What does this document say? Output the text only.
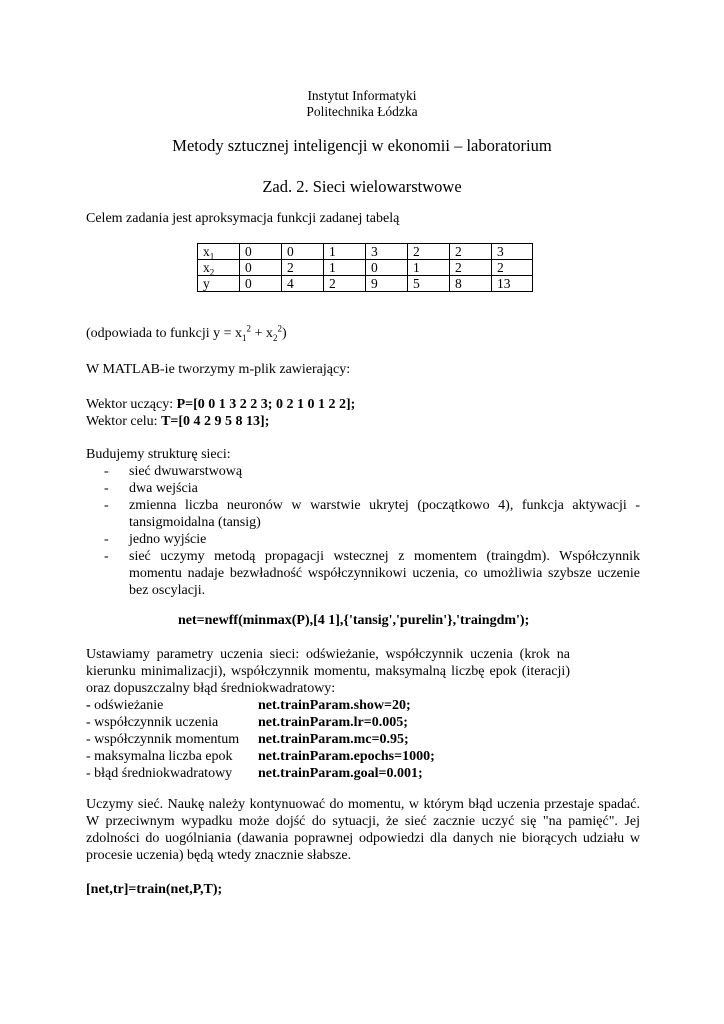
Instytut Informatyki

Politechnika Łódzka

Metody sztucznej inteligencji w ekonomii – laboratorium

Zad. 2. Sieci wielowarstwowe

Celem zadania jest aproksymacja funkcji zadanej tabelą

$x_1$	0	0	1	3	2	2	3
$x_2$	0	2	1	0	1	2	2
y	0	4	2	9	5	8	13

(odpowiada to funkcji $y = x_1^2 + x_2^2$)

W MATLAB-ie tworzymy m-plik zawierający:

Wektor uczący: P=[0 0 1 3 2 2 3; 0 2 1 0 1 2 2];

Wektor celu: T=[0 4 2 9 5 8 13];

Budujemy strukturę sieci:

- sieć dwuwarstwową
- dwa wejścia
- zmienna liczba neuronów w warstwie ukrytej (początkowo 4), funkcja aktywacji - tansigmoidalna (tansig)
- jedno wyjście
- sieć uczymy metodą propagacji wstecznej z momentem (traingdm). Współczynnik momentu nadaje bezwładność współczynnikowi uczenia, co umożliwia szybsze uczenie bez oscylacji.

net=newff(minmax(P),[4 1],{'tansig','purelin'},'traingdm');

Ustawiamy parametry uczenia sieci: odświeżanie, współczynnik uczenia (krok na kierunku minimalizacji), współczynnik momentu, maksymalną liczbę epok (iteracji) oraz dopuszczalny błąd średniokwadratowy:

- odświeżanie	net.trainParam.show=20;
- współczynnik uczenia	net.trainParam.lr=0.005;
- współczynnik momentum net.trainParam.mc=0.95;
- maksymalna liczba epok net.trainParam.epochs=1000;
- błąd średniokwadratowy net.trainParam.goal=0.001;

Uczymy sieć. Naukę należy kontynuować do momentu, w którym błąd uczenia przestaje spadać. W przeciwnym wypadku może dojść do sytuacji, że sieć zacznie uczyć się "na pamięć". Jej zdolności do uogólniania (dawania poprawnej odpowiedzi dla danych nie biorących udziału w procesie uczenia) będą wtedy znacznie słabsze.

[net,tr]=train(net,P,T);
